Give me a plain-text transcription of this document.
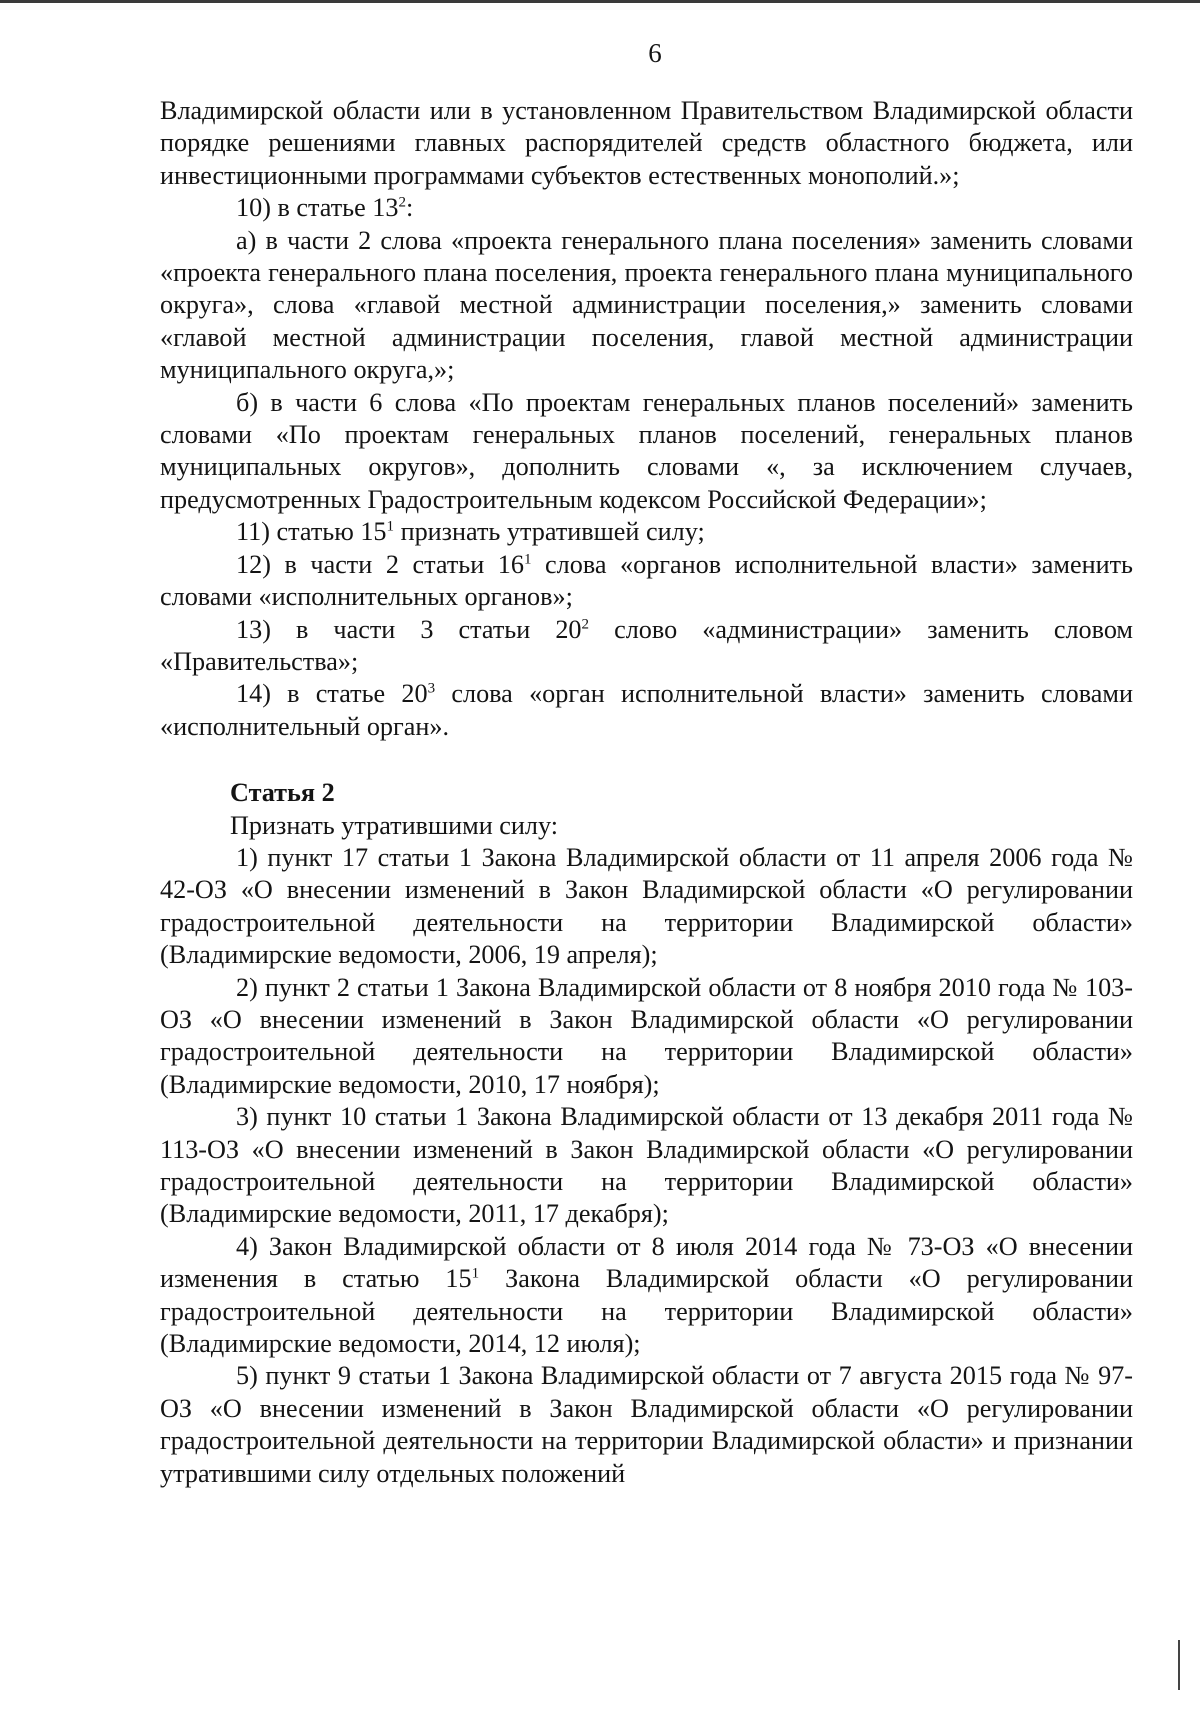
6

Владимирской области или в установленном Правительством Владимирской области порядке решениями главных распорядителей средств областного бюджета, или инвестиционными программами субъектов естественных монополий.»;

10) в статье $13^2$:

а) в части 2 слова «проекта генерального плана поселения» заменить словами «проекта генерального плана поселения, проекта генерального плана муниципального округа», слова «главой местной администрации поселения,» заменить словами «главой местной администрации поселения, главой местной администрации муниципального округа,»;

б) в части 6 слова «По проектам генеральных планов поселений» заменить словами «По проектам генеральных планов поселений, генеральных планов муниципальных округов», дополнить словами «, за исключением случаев, предусмотренных Градостроительным кодексом Российской Федерации»;

11) статью $15^1$ признать утратившей силу;

12) в части 2 статьи $16^1$ слова «органов исполнительной власти» заменить словами «исполнительных органов»;

13) в части 3 статьи $20^2$ слово «администрации» заменить словом «Правительства»;

14) в статье $20^3$ слова «орган исполнительной власти» заменить словами «исполнительный орган».

Статья 2

Признать утратившими силу:

1) пункт 17 статьи 1 Закона Владимирской области от 11 апреля 2006 года № 42-ОЗ «О внесении изменений в Закон Владимирской области «О регулировании градостроительной деятельности на территории Владимирской области» (Владимирские ведомости, 2006, 19 апреля);

2) пункт 2 статьи 1 Закона Владимирской области от 8 ноября 2010 года № 103-ОЗ «О внесении изменений в Закон Владимирской области «О регулировании градостроительной деятельности на территории Владимирской области» (Владимирские ведомости, 2010, 17 ноября);

3) пункт 10 статьи 1 Закона Владимирской области от 13 декабря 2011 года № 113-ОЗ «О внесении изменений в Закон Владимирской области «О регулировании градостроительной деятельности на территории Владимирской области» (Владимирские ведомости, 2011, 17 декабря);

4) Закон Владимирской области от 8 июля 2014 года № 73-ОЗ «О внесении изменения в статью $15^1$ Закона Владимирской области «О регулировании градостроительной деятельности на территории Владимирской области» (Владимирские ведомости, 2014, 12 июля);

5) пункт 9 статьи 1 Закона Владимирской области от 7 августа 2015 года № 97-ОЗ «О внесении изменений в Закон Владимирской области «О регулировании градостроительной деятельности на территории Владимирской области» и признании утратившими силу отдельных положений
